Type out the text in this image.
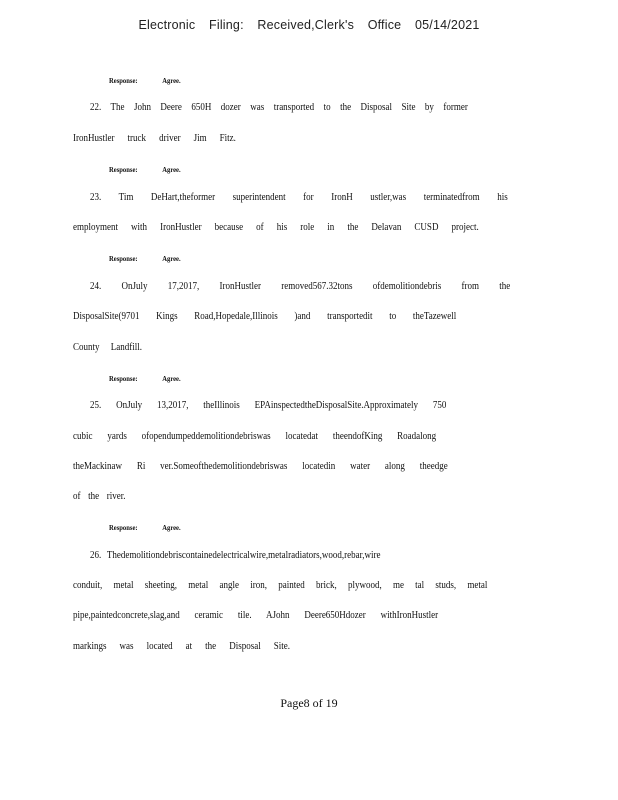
Electronic Filing: Received,Clerk's Office 05/14/2021
Response:	Agree.
22. The John Deere 650H dozer was transported to the Disposal Site by former
IronHustler truck driver Jim Fitz.
Response:	Agree.
23. Tim DeHart,theformer superintendent for IronH ustler,was terminatedfrom his
employment with IronHustler because of his role in the Delavan CUSD project.
Response:	Agree.
24. OnJuly 17,2017, IronHustler removed567.32tons ofdemolitiondebris from the
DisposalSite(9701 Kings Road,Hopedale,Illinois )and transportedit to theTazewell
County Landfill.
Response:	Agree.
25. OnJuly 13,2017, theIllinois EPAinspectedtheDisposalSite.Approximately 750
cubic yards ofopendumpeddemolitiondebriswas locatedat theendofKing Roadalong
theMackinaw Ri ver.Someofthedemolitiondebriswas locatedin water along theedge
of the river.
Response:	Agree.
26. Thedemolitiondebriscontainedelectricalwire,metalradiators,wood,rebar,wire
conduit, metal sheeting, metal angle iron, painted brick, plywood, me tal studs, metal
pipe,paintedconcrete,slag,and ceramic tile. AJohn Deere650Hdozer withIronHustler
markings was located at the Disposal Site.
Page8 of 19
